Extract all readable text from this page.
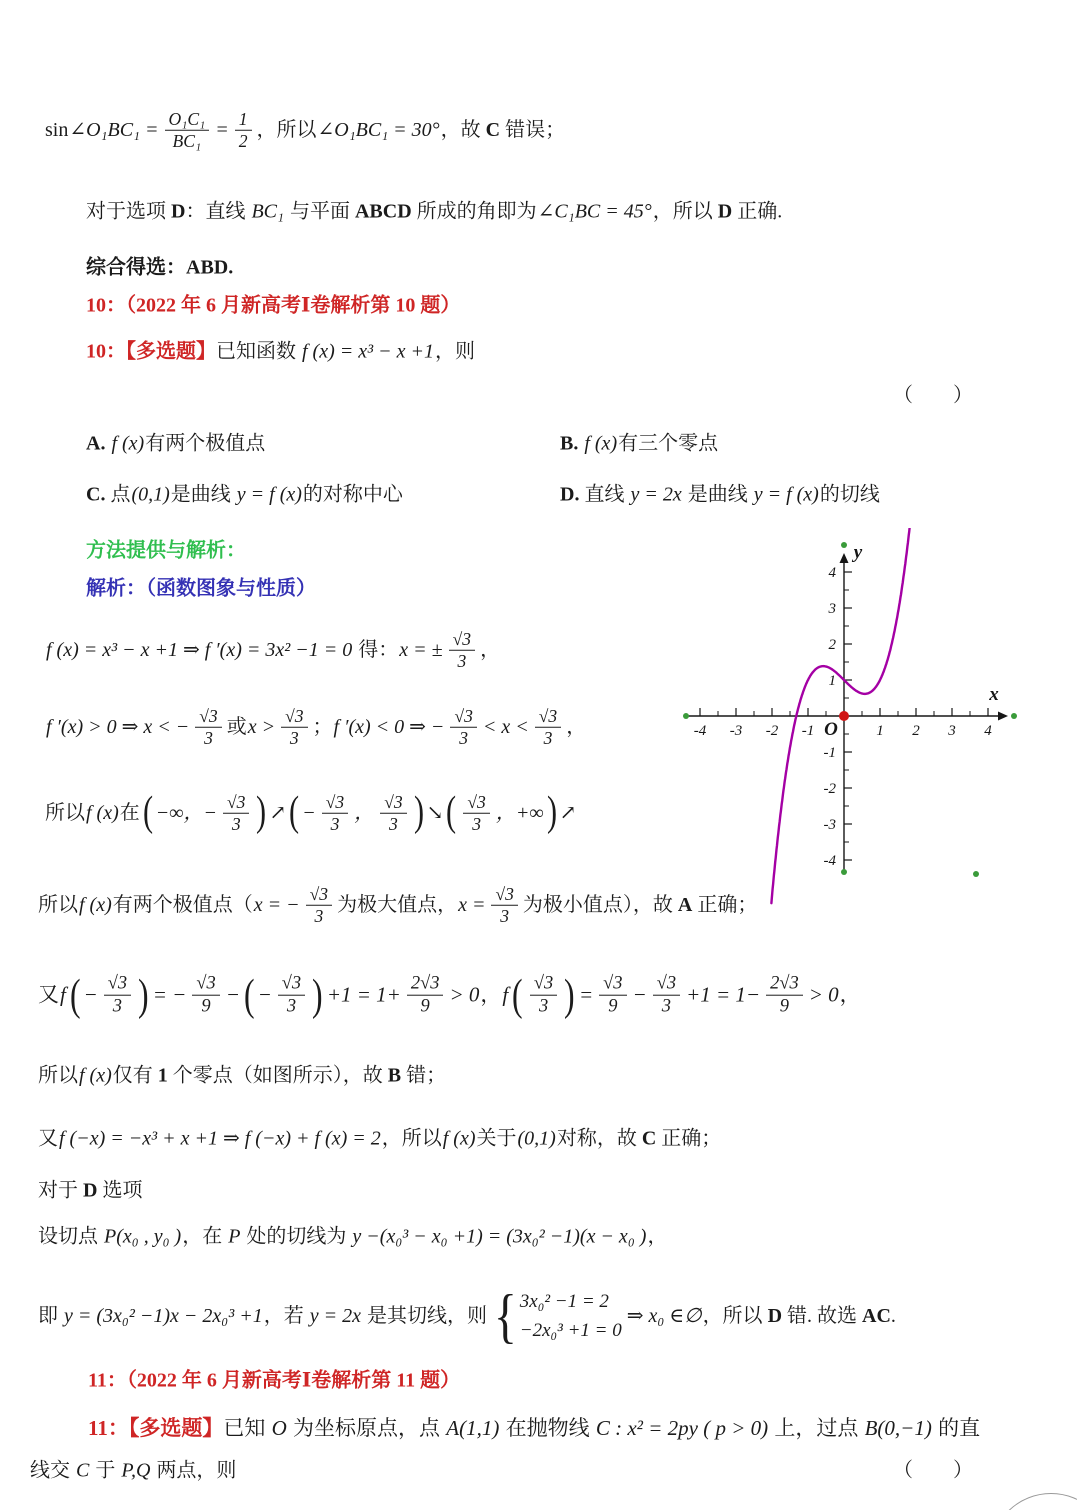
-4 -3 -2 -1	1 2 3 4
-4
-3
-2
-1
1
2
3
4
x
y
O
sin ∠O₁BC₁ = $\frac{\text{O₁C₁}}{\text{BC₁}} = \frac{1}{2}$ ，所以 ∠O₁BC₁ = 30° ，故 C 错误；
对于选项 D ：直线 BC₁ 与平面 ABCD 所成的角即为 ∠C₁BC = 45° ，所以 D 正确.
综合得选： ABD.
10：（2022 年 6 月新高考Ⅰ卷解析第 10 题）
10：【多选题】 已知函数 f (x) = x³ − x +1 ，则
（　　）
A. f (x) 有两个极值点	B. f (x) 有三个零点
C. 点 (0,1) 是曲线 y = f (x) 的对称中心	D. 直线 y = 2x 是曲线 y = f (x) 的切线
方法提供与解析：
解析：（函数图象与性质）
f (x) = x³ − x +1 ⇒ f ′(x) = 3x² −1 = 0 得： x = ± $\frac{√3}{3}$ ，
f ′(x) > 0 ⇒ x < − $\frac{√3}{3}$ 或 $x > \frac{√3}{3}$ ； f ′(x) < 0 ⇒ − $\frac{√3}{3} < x < \frac{√3}{3}$ ，
所以 f (x) 在 ( −∞，− $\frac{√3}{3}$ ) ↗ ( − $\frac{√3}{3}$ ， $\frac{√3}{3}$ ) ↘ ( $\frac{√3}{3}$ ，+∞ ) ↗
所以 f (x) 有两个极值点（ x = − $\frac{√3}{3}$ 为极大值点， $x = \frac{√3}{3}$ 为极小值点），故 A 正确；
又 f ( − $\frac{√3}{3}$ ) = − $\frac{√3}{9}$ − ( − $\frac{√3}{3}$ ) $+1 = 1+ \frac{2√3}{9} > 0$ ， f ( $\frac{√3}{3}$ ) = $\frac{√3}{9} - \frac{√3}{3} +1 = 1- \frac{2√3}{9} > 0$ ，
所以 f (x) 仅有 1 个零点（如图所示），故 B 错；
又 f (−x) = −x³ + x +1 ⇒ f (−x) + f (x) = 2 ，所以 f (x) 关于 (0,1) 对称，故 C 正确；
对于 D 选项
设切点 P(x₀ , y₀ ) ，在 P 处的切线为 y −(x₀³ − x₀ +1) = (3x₀² −1)(x − x₀ ) ，
即 y = (3x₀² −1)x − 2x₀³ +1 ，若 y = 2x 是其切线，则 { 3x₀² −1 = 2
−2x₀³ +1 = 0
⇒ x₀ ∈∅ ，所以 D 错. 故选 AC .
11：（2022 年 6 月新高考Ⅰ卷解析第 11 题）
11：【多选题】 已知 O 为坐标原点，点 A(1,1) 在抛物线 C : x² = 2py ( p > 0) 上，过点 B(0,−1) 的直
线交 C 于 P,Q 两点，则	（　　）
